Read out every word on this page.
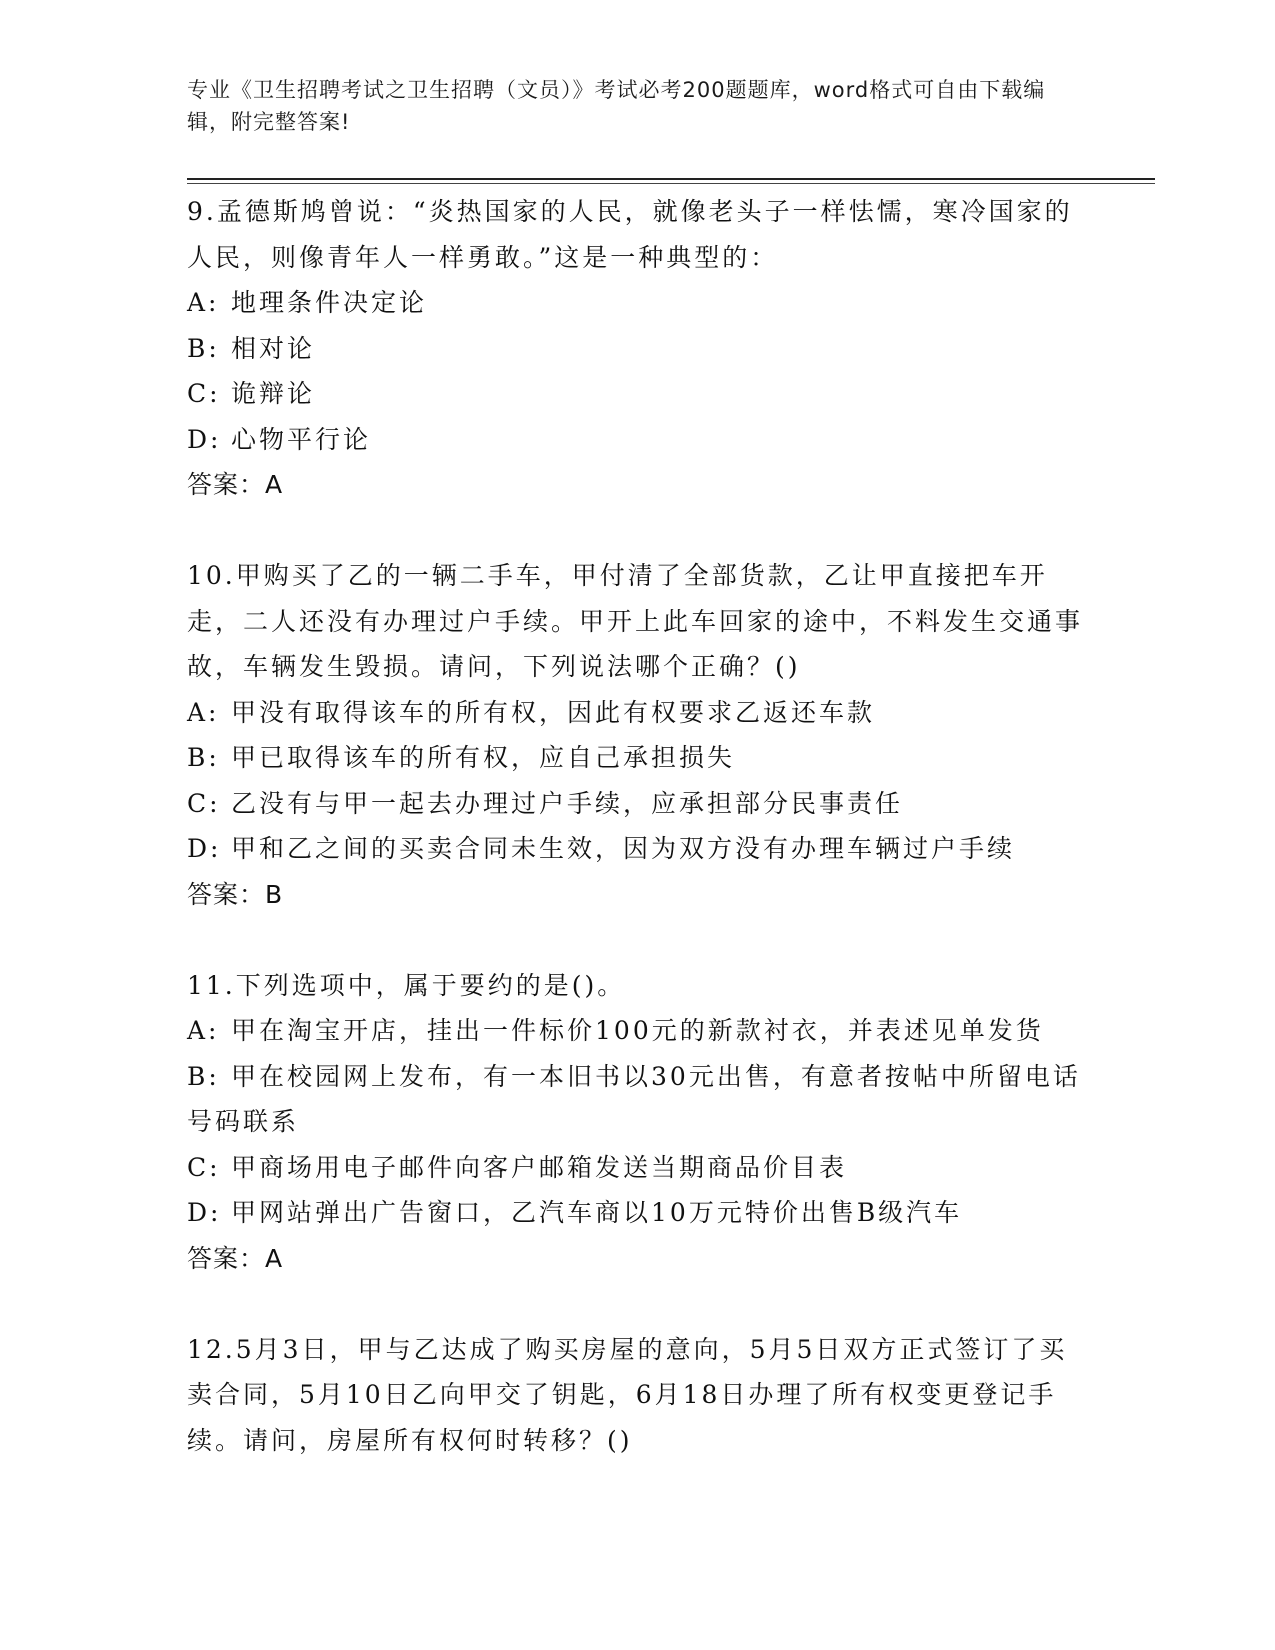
专业《卫生招聘考试之卫生招聘（文员）》考试必考200题题库，word格式可自由下载编辑，附完整答案!

9.孟德斯鸠曾说：“炎热国家的人民，就像老头子一样怯懦，寒冷国家的人民，则像青年人一样勇敢。”这是一种典型的：

A: 地理条件决定论

B: 相对论

C: 诡辩论

D: 心物平行论

答案：A

10.甲购买了乙的一辆二手车，甲付清了全部货款，乙让甲直接把车开走，二人还没有办理过户手续。甲开上此车回家的途中，不料发生交通事故，车辆发生毁损。请问，下列说法哪个正确？()

A: 甲没有取得该车的所有权，因此有权要求乙返还车款

B: 甲已取得该车的所有权，应自己承担损失

C: 乙没有与甲一起去办理过户手续，应承担部分民事责任

D: 甲和乙之间的买卖合同未生效，因为双方没有办理车辆过户手续

答案：B

11.下列选项中，属于要约的是()。

A: 甲在淘宝开店，挂出一件标价100元的新款衬衣，并表述见单发货

B: 甲在校园网上发布，有一本旧书以30元出售，有意者按帖中所留电话号码联系

C: 甲商场用电子邮件向客户邮箱发送当期商品价目表

D: 甲网站弹出广告窗口，乙汽车商以10万元特价出售B级汽车

答案：A

12.5月3日，甲与乙达成了购买房屋的意向，5月5日双方正式签订了买卖合同，5月10日乙向甲交了钥匙，6月18日办理了所有权变更登记手续。请问，房屋所有权何时转移？()
